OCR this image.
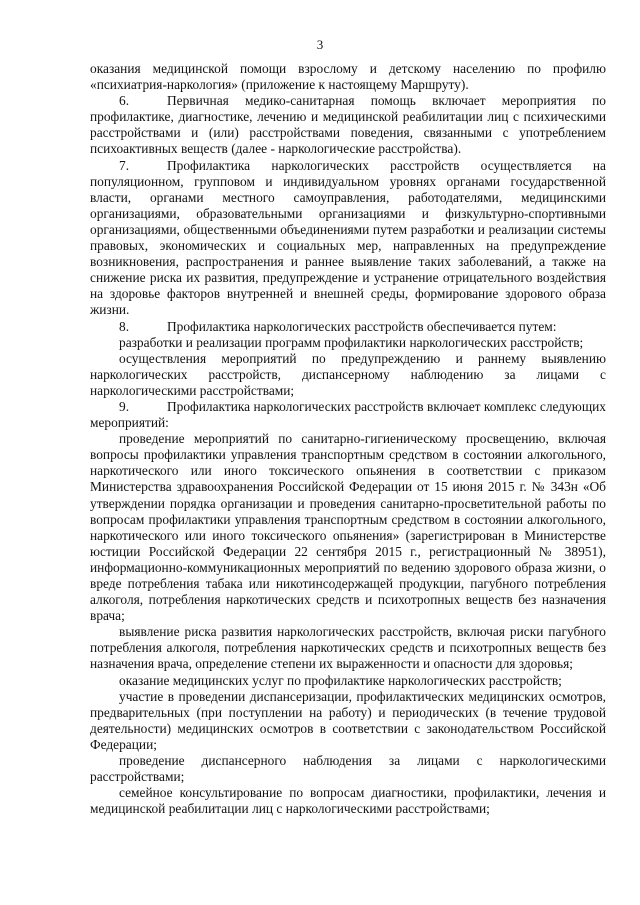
3

оказания медицинской помощи взрослому и детскому населению по профилю «психиатрия-наркология» (приложение к настоящему Маршруту).

6.	Первичная медико-санитарная помощь включает мероприятия по профилактике, диагностике, лечению и медицинской реабилитации лиц с психическими расстройствами и (или) расстройствами поведения, связанными с употреблением психоактивных веществ (далее - наркологические расстройства).

7.	Профилактика наркологических расстройств осуществляется на популяционном, групповом и индивидуальном уровнях органами государственной власти, органами местного самоуправления, работодателями, медицинскими организациями, образовательными организациями и физкультурно-спортивными организациями, общественными объединениями путем разработки и реализации системы правовых, экономических и социальных мер, направленных на предупреждение возникновения, распространения и раннее выявление таких заболеваний, а также на снижение риска их развития, предупреждение и устранение отрицательного воздействия на здоровье факторов внутренней и внешней среды, формирование здорового образа жизни.

8.	Профилактика наркологических расстройств обеспечивается путем:

разработки и реализации программ профилактики наркологических расстройств;

осуществления мероприятий по предупреждению и раннему выявлению наркологических расстройств, диспансерному наблюдению за лицами с наркологическими расстройствами;

9.	Профилактика наркологических расстройств включает комплекс следующих мероприятий:

проведение мероприятий по санитарно-гигиеническому просвещению, включая вопросы профилактики управления транспортным средством в состоянии алкогольного, наркотического или иного токсического опьянения в соответствии с приказом Министерства здравоохранения Российской Федерации от 15 июня 2015 г. № 343н «Об утверждении порядка организации и проведения санитарно-просветительной работы по вопросам профилактики управления транспортным средством в состоянии алкогольного, наркотического или иного токсического опьянения» (зарегистрирован в Министерстве юстиции Российской Федерации 22 сентября 2015 г., регистрационный № 38951), информационно-коммуникационных мероприятий по ведению здорового образа жизни, о вреде потребления табака или никотинсодержащей продукции, пагубного потребления алкоголя, потребления наркотических средств и психотропных веществ без назначения врача;

выявление риска развития наркологических расстройств, включая риски пагубного потребления алкоголя, потребления наркотических средств и психотропных веществ без назначения врача, определение степени их выраженности и опасности для здоровья;

оказание медицинских услуг по профилактике наркологических расстройств;

участие в проведении диспансеризации, профилактических медицинских осмотров, предварительных (при поступлении на работу) и периодических (в течение трудовой деятельности) медицинских осмотров в соответствии с законодательством Российской Федерации;

проведение диспансерного наблюдения за лицами с наркологическими расстройствами;

семейное консультирование по вопросам диагностики, профилактики, лечения и медицинской реабилитации лиц с наркологическими расстройствами;
